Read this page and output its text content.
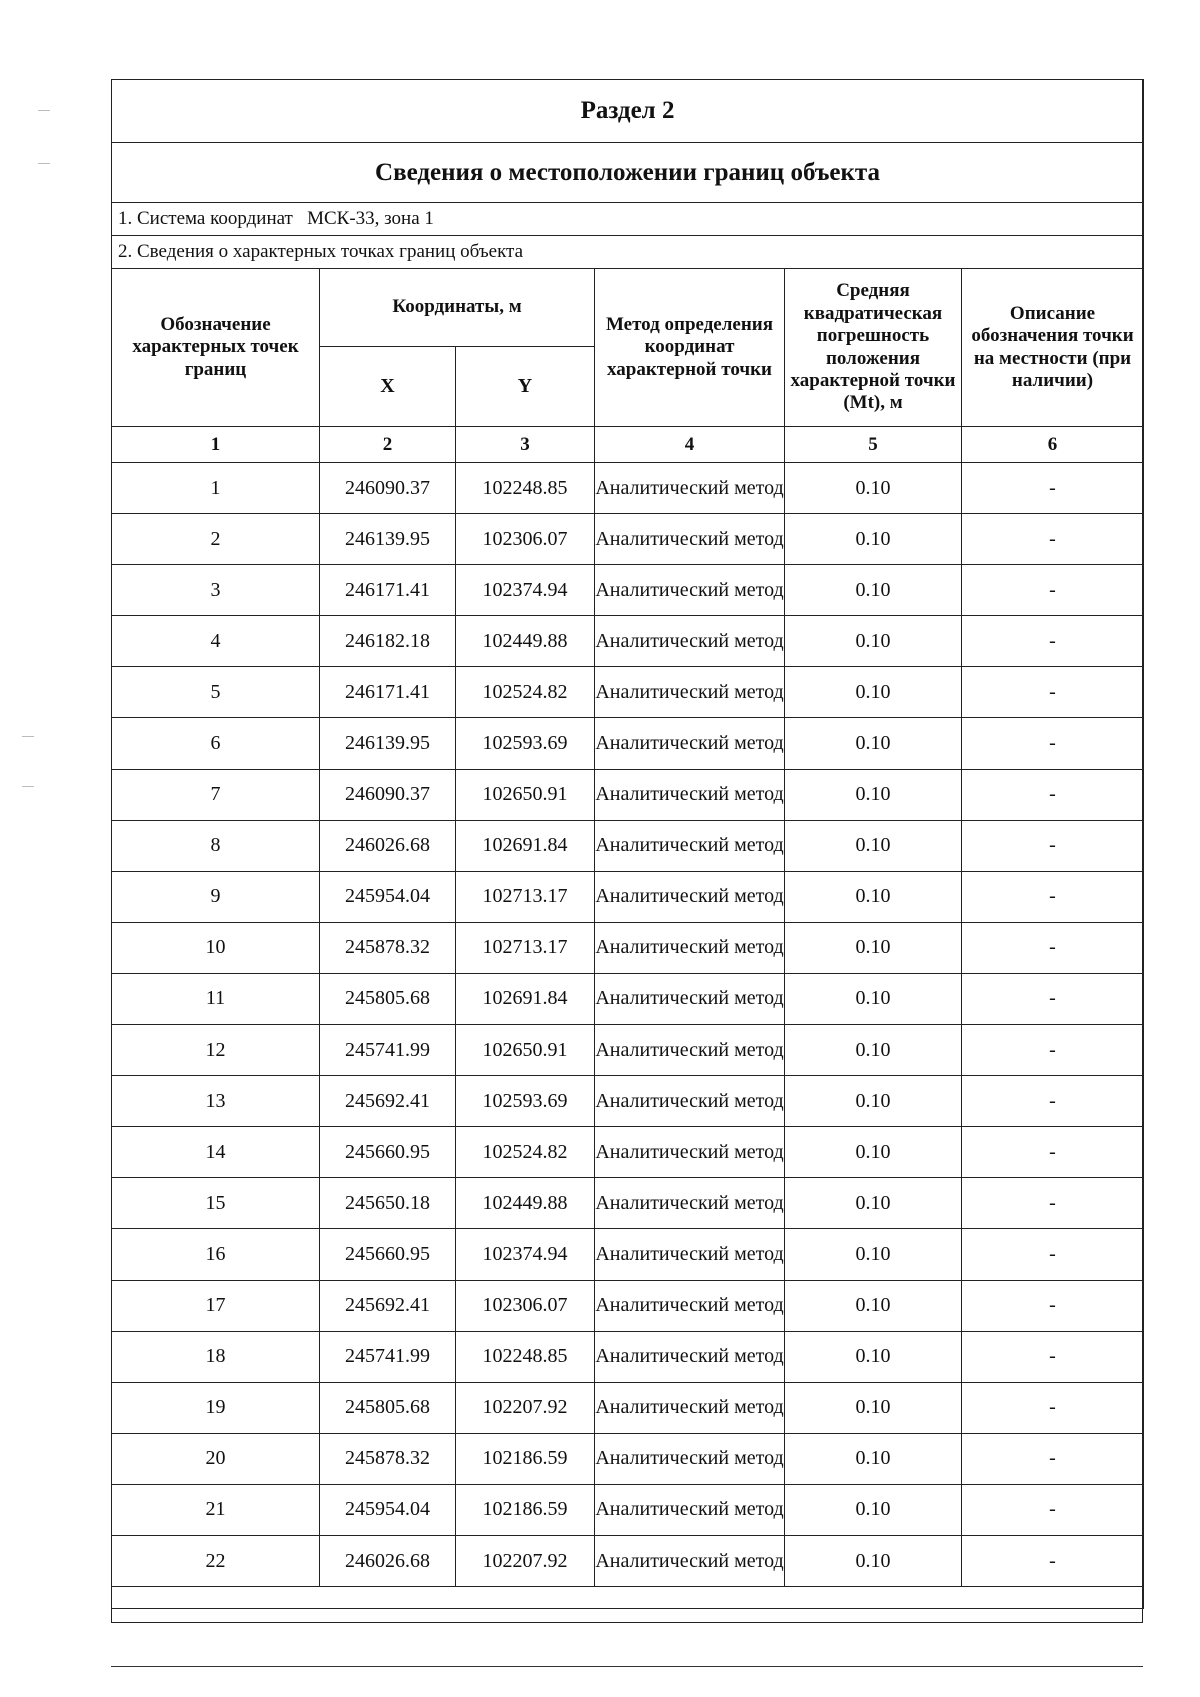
Раздел 2					
Сведения о местоположении границ объекта					
1. Система координат   МСК-33, зона 1					
2. Сведения о характерных точках границ объекта					
Обозначение характерных точек границ	Координаты, м		Метод определения координат характерной точки	Средняя квадратическая погрешность положения характерной точки (Mt), м	Описание обозначения точки на местности (при наличии)
	X	Y			
1	2	3	4	5	6
1	246090.37	102248.85	Аналитический метод	0.10	-
2	246139.95	102306.07	Аналитический метод	0.10	-
3	246171.41	102374.94	Аналитический метод	0.10	-
4	246182.18	102449.88	Аналитический метод	0.10	-
5	246171.41	102524.82	Аналитический метод	0.10	-
6	246139.95	102593.69	Аналитический метод	0.10	-
7	246090.37	102650.91	Аналитический метод	0.10	-
8	246026.68	102691.84	Аналитический метод	0.10	-
9	245954.04	102713.17	Аналитический метод	0.10	-
10	245878.32	102713.17	Аналитический метод	0.10	-
11	245805.68	102691.84	Аналитический метод	0.10	-
12	245741.99	102650.91	Аналитический метод	0.10	-
13	245692.41	102593.69	Аналитический метод	0.10	-
14	245660.95	102524.82	Аналитический метод	0.10	-
15	245650.18	102449.88	Аналитический метод	0.10	-
16	245660.95	102374.94	Аналитический метод	0.10	-
17	245692.41	102306.07	Аналитический метод	0.10	-
18	245741.99	102248.85	Аналитический метод	0.10	-
19	245805.68	102207.92	Аналитический метод	0.10	-
20	245878.32	102186.59	Аналитический метод	0.10	-
21	245954.04	102186.59	Аналитический метод	0.10	-
22	246026.68	102207.92	Аналитический метод	0.10	-
